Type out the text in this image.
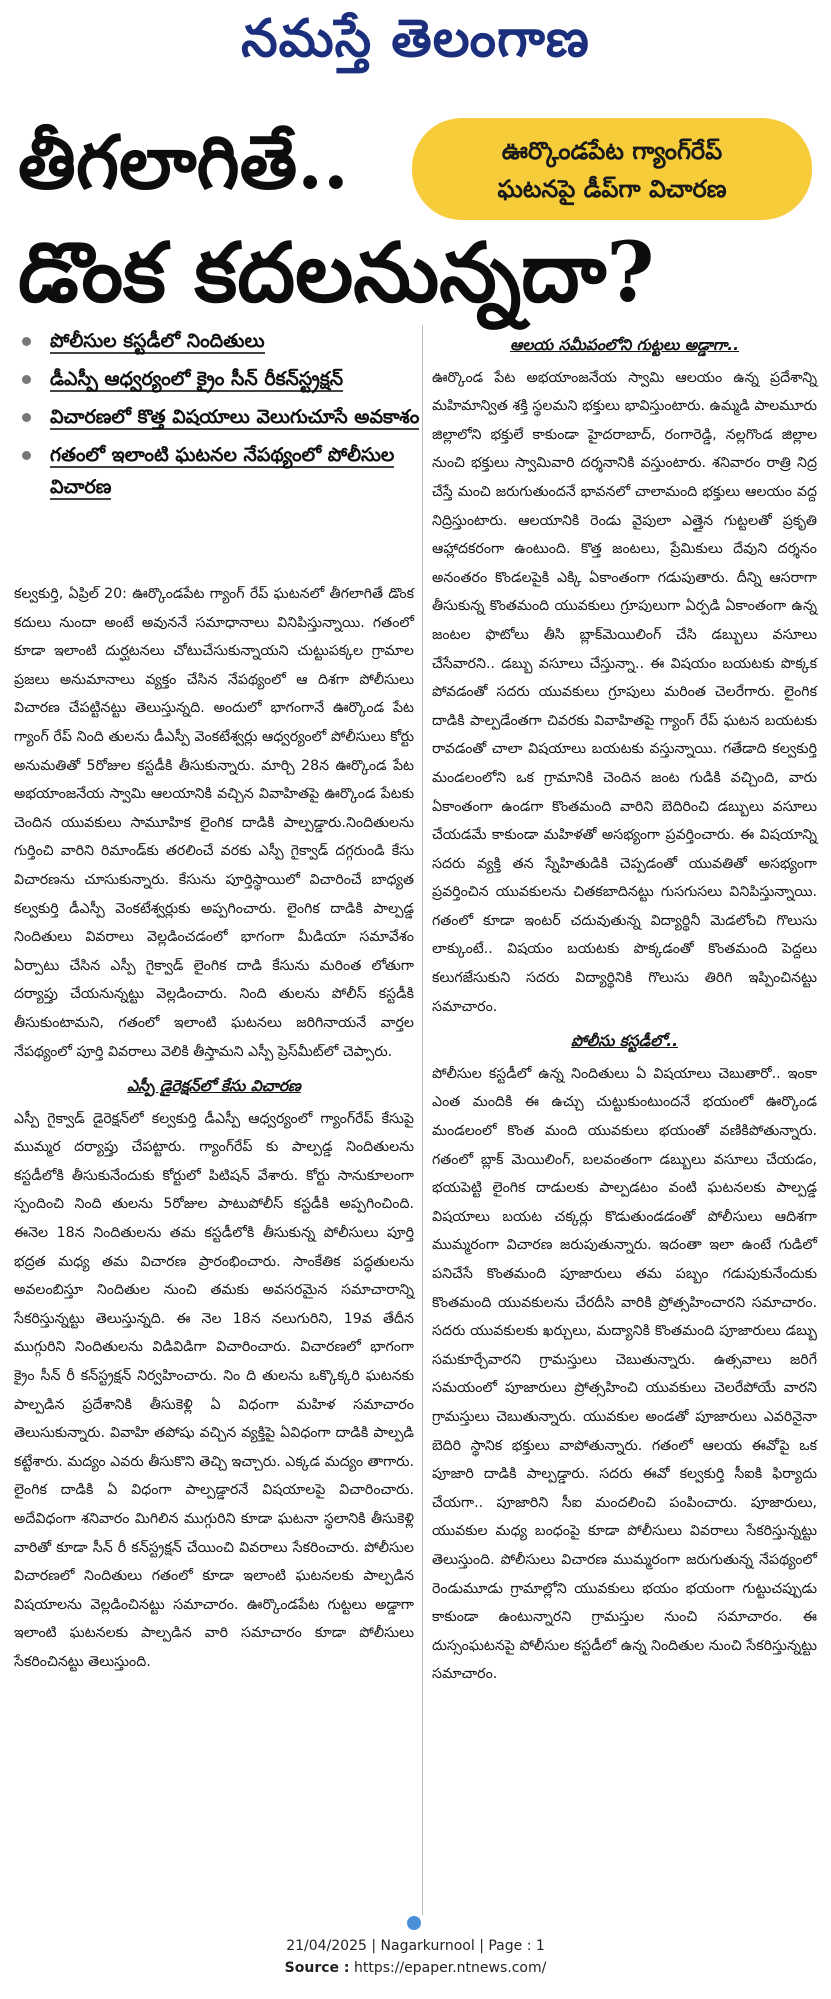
నమస్తే తెలంగాణ
తీగలాగితే..	ఊర్కొండపేట గ్యాంగ్‌రేప్
ఘటనపై డీప్‌గా విచారణ
డొంక కదలనున్నదా?
పోలీసుల కస్టడీలో నిందితులు
డీఎస్పీ ఆధ్వర్యంలో క్రైం సీన్ రీకన్‌స్ట్రక్షన్
విచారణలో కొత్త విషయాలు వెలుగుచూసే అవకాశం
గతంలో ఇలాంటి ఘటనల నేపథ్యంలో పోలీసుల విచారణ

కల్వకుర్తి, ఏప్రిల్ 20: ఊర్కొండపేట గ్యాంగ్ రేప్ ఘటనలో తీగలాగితే డొంక కదులు నుందా అంటే అవుననే సమాధానాలు వినిపిస్తున్నాయి. గతంలో కూడా ఇలాంటి దుర్ఘటనలు చోటుచేసుకున్నాయని చుట్టుపక్కల గ్రామాల ప్రజలు అనుమానాలు వ్యక్తం చేసిన నేపథ్యంలో ఆ దిశగా పోలీసులు విచారణ చేపట్టినట్టు తెలుస్తున్నది. అందులో భాగంగానే ఊర్కొండ పేట గ్యాంగ్ రేప్ నింది తులను డీఎస్పీ వెంకటేశ్వర్లు ఆధ్వర్యంలో పోలీసులు కోర్టు అనుమతితో 5రోజుల కస్టడీకి తీసుకున్నారు. మార్చి 28న ఊర్కొండ పేట అభయాంజనేయ స్వామి ఆలయానికి వచ్చిన వివాహితపై ఊర్కొండ పేటకు చెందిన యువకులు సామూహిక లైంగిక దాడికి పాల్పడ్డారు.నిందితులను గుర్తించి వారిని రిమాండ్‌కు తరలించే వరకు ఎస్పీ గైక్వాడ్ దగ్గరుండి కేసు విచారణను చూసుకున్నారు. కేసును పూర్తిస్థాయిలో విచారించే బాధ్యత కల్వకుర్తి డీఎస్పీ వెంకటేశ్వర్లుకు అప్పగించారు. లైంగిక దాడికి పాల్పడ్డ నిందితులు వివరాలు వెల్లడించడంలో భాగంగా మీడియా సమావేశం ఏర్పాటు చేసిన ఎస్పీ గైక్వాడ్ లైంగిక దాడి కేసును మరింత లోతుగా దర్యాప్తు చేయనున్నట్టు వెల్లడించారు. నింది తులను పోలీస్ కస్టడీకి తీసుకుంటామని, గతంలో ఇలాంటి ఘటనలు జరిగినాయనే వార్తల నేపథ్యంలో పూర్తి వివరాలు వెలికి తీస్తామని ఎస్పీ ప్రెస్‌మీట్‌లో చెప్పారు.

ఎస్పీ డైరెక్షన్‌లో కేసు విచారణ

ఎస్పీ గైక్వాడ్ డైరెక్షన్‌లో కల్వకుర్తి డీఎస్పీ ఆధ్వర్యంలో గ్యాంగ్‌రేప్ కేసుపై ముమ్మర దర్యాప్తు చేపట్టారు. గ్యాంగ్‌రేప్ కు పాల్పడ్డ నిందితులను కస్టడీలోకి తీసుకునేందుకు కోర్టులో పిటిషన్ వేశారు. కోర్టు సానుకూలంగా స్పందించి నింది తులను 5రోజుల పాటుపోలీస్ కస్టడీకి అప్పగించింది. ఈనెల 18న నిందితులను తమ కస్టడీలోకి తీసుకున్న పోలీసులు పూర్తి భద్రత మధ్య తమ విచారణ ప్రారంభించారు. సాంకేతిక పద్ధతులను అవలంబిస్తూ నిందితుల నుంచి తమకు అవసరమైన సమాచారాన్ని సేకరిస్తున్నట్టు తెలుస్తున్నది. ఈ నెల 18న నలుగురిని, 19వ తేదీన ముగ్గురిని నిందితులను విడివిడిగా విచారించారు. విచారణలో భాగంగా క్రైం సీన్ రీ కన్‌స్ట్రక్షన్ నిర్వహించారు. నిం ది తులను ఒక్కొక్కరి ఘటనకు పాల్పడిన ప్రదేశానికి తీసుకెళ్లి ఏ విధంగా మహిళ సమాచారం తెలుసుకున్నారు. వివాహి తపోషు వచ్చిన వ్యక్తిపై ఏవిధంగా దాడికి పాల్పడి కట్టేశారు. మద్యం ఎవరు తీసుకొని తెచ్చి ఇచ్చారు. ఎక్కడ మద్యం తాగారు. లైంగిక దాడికి ఏ విధంగా పాల్పడ్డారనే విషయాలపై విచారించారు. అదేవిధంగా శనివారం మిగిలిన ముగ్గురిని కూడా ఘటనా స్థలానికి తీసుకెళ్లి వారితో కూడా సీన్ రీ కన్‌స్ట్రక్షన్ చేయించి వివరాలు సేకరించారు. పోలీసుల విచారణలో నిందితులు గతంలో కూడా ఇలాంటి ఘటనలకు పాల్పడిన విషయాలను వెల్లడించినట్టు సమాచారం. ఊర్కొండపేట గుట్టలు అడ్డాగా ఇలాంటి ఘటనలకు పాల్పడిన వారి సమాచారం కూడా పోలీసులు సేకరించినట్టు తెలుస్తుంది.

ఆలయ సమీపంలోని గుట్టలు అడ్డాగా..

ఊర్కొండ పేట అభయాంజనేయ స్వామి ఆలయం ఉన్న ప్రదేశాన్ని మహిమాన్విత శక్తి స్థలమని భక్తులు భావిస్తుంటారు. ఉమ్మడి పాలమూరు జిల్లాలోని భక్తులే కాకుండా హైదరాబాద్, రంగారెడ్డి, నల్లగొండ జిల్లాల నుంచి భక్తులు స్వామివారి దర్శనానికి వస్తుంటారు. శనివారం రాత్రి నిద్ర చేస్తే మంచి జరుగుతుందనే భావనలో చాలామంది భక్తులు ఆలయం వద్ద నిద్రిస్తుంటారు. ఆలయానికి రెండు వైపులా ఎత్తైన గుట్టలతో ప్రకృతి ఆహ్లాదకరంగా ఉంటుంది. కొత్త జంటలు, ప్రేమికులు దేవుని దర్శనం అనంతరం కొండలపైకి ఎక్కి ఏకాంతంగా గడుపుతారు. దీన్ని ఆసరాగా తీసుకున్న కొంతమంది యువకులు గ్రూపులుగా ఏర్పడి ఏకాంతంగా ఉన్న జంటల ఫొటోలు తీసి బ్లాక్‌మెయిలింగ్ చేసి డబ్బులు వసూలు చేసేవారని.. డబ్బు వసూలు చేస్తున్నా.. ఈ విషయం బయటకు పొక్కక పోవడంతో సదరు యువకులు గ్రూపులు మరింత చెలరేగారు. లైంగిక దాడికి పాల్పడేంతగా చివరకు వివాహితపై గ్యాంగ్ రేప్ ఘటన బయటకు రావడంతో చాలా విషయాలు బయటకు వస్తున్నాయి. గతేడాది కల్వకుర్తి మండలంలోని ఒక గ్రామానికి చెందిన జంట గుడికి వచ్చింది, వారు ఏకాంతంగా ఉండగా కొంతమంది వారిని బెదిరించి డబ్బులు వసూలు చేయడమే కాకుండా మహిళతో అసభ్యంగా ప్రవర్తించారు. ఈ విషయాన్ని సదరు వ్యక్తి తన స్నేహితుడికి చెప్పడంతో యువతితో అసభ్యంగా ప్రవర్తించిన యువకులను చితకబాదినట్టు గుసగుసలు వినిపిస్తున్నాయి. గతంలో కూడా ఇంటర్ చదువుతున్న విద్యార్థినీ మెడలోంచి గొలుసు లాక్కుంటే.. విషయం బయటకు పొక్కడంతో కొంతమంది పెద్దలు కలుగజేసుకుని సదరు విద్యార్థినికి గొలుసు తిరిగి ఇప్పించినట్టు సమాచారం.

పోలీసు కస్టడీలో..

పోలీసుల కస్టడీలో ఉన్న నిందితులు ఏ విషయాలు చెబుతారో.. ఇంకా ఎంత మందికి ఈ ఉచ్చు చుట్టుకుంటుందనే భయంలో ఊర్కొండ మండలంలో కొంత మంది యువకులు భయంతో వణికిపోతున్నారు. గతంలో బ్లాక్ మెయిలింగ్, బలవంతంగా డబ్బులు వసూలు చేయడం, భయపెట్టి లైంగిక దాడులకు పాల్పడటం వంటి ఘటనలకు పాల్పడ్డ విషయాలు బయట చక్కర్లు కొడుతుండడంతో పోలీసులు ఆదిశగా ముమ్మరంగా విచారణ జరుపుతున్నారు. ఇదంతా ఇలా ఉంటే గుడిలో పనిచేసే కొంతమంది పూజారులు తమ పబ్బం గడుపుకునేందుకు కొంతమంది యువకులను చేరదీసి వారికి ప్రోత్సహించారని సమాచారం. సదరు యువకులకు ఖర్చులు, మద్యానికి కొంతమంది పూజారులు డబ్బు సమకూర్చేవారని గ్రామస్తులు చెబుతున్నారు. ఉత్సవాలు జరిగే సమయంలో పూజారులు ప్రోత్సహించి యువకులు చెలరేపోయే వారని గ్రామస్తులు చెబుతున్నారు. యువకుల అండతో పూజారులు ఎవరినైనా బెదిరి స్థానిక భక్తులు వాపోతున్నారు. గతంలో ఆలయ ఈవోపై ఒక పూజారి దాడికి పాల్పడ్డారు. సదరు ఈవో కల్వకుర్తి సీఐకి ఫిర్యాదు చేయగా.. పూజారిని సీఐ మందలించి పంపించారు. పూజారులు, యువకుల మధ్య బంధంపై కూడా పోలీసులు వివరాలు సేకరిస్తున్నట్టు తెలుస్తుంది. పోలీసులు విచారణ ముమ్మరంగా జరుగుతున్న నేపథ్యంలో రెండుమూడు గ్రామాల్లోని యువకులు భయం భయంగా గుట్టుచప్పుడు కాకుండా ఉంటున్నారని గ్రామస్తుల నుంచి సమాచారం. ఈ దుస్సంఘటనపై పోలీసుల కస్టడీలో ఉన్న నిందితుల నుంచి సేకరిస్తున్నట్టు సమాచారం.

21/04/2025 | Nagarkurnool | Page : 1
Source : https://epaper.ntnews.com/
